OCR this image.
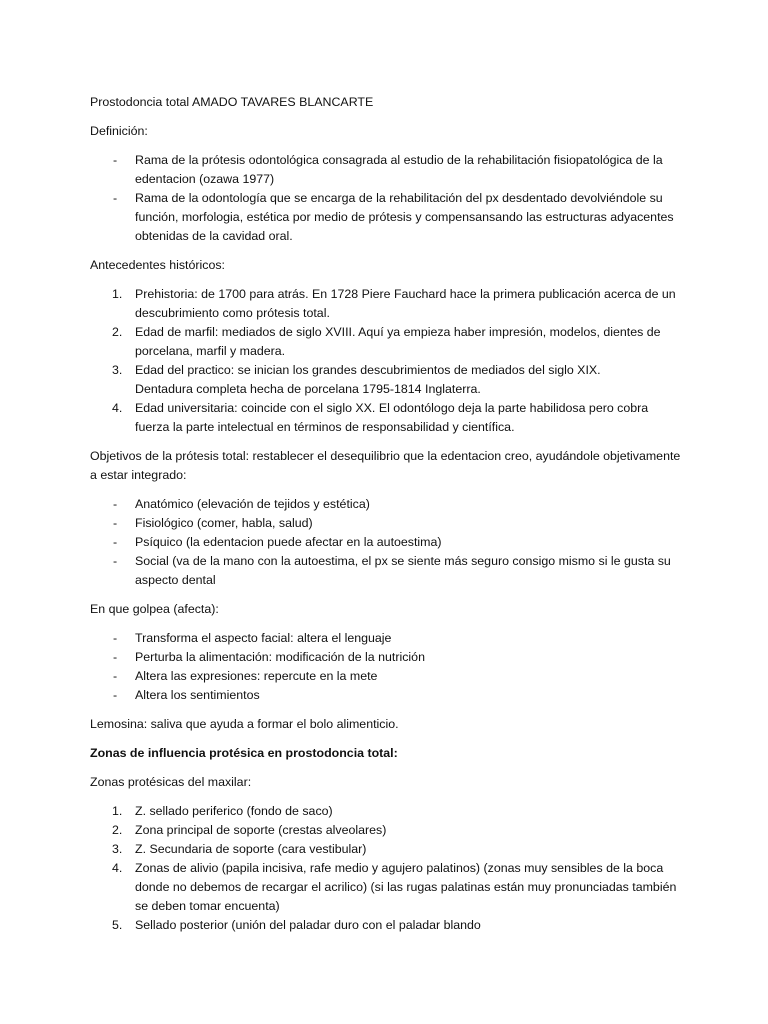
Prostodoncia total AMADO TAVARES BLANCARTE

Definición:

- Rama de la prótesis odontológica consagrada al estudio de la rehabilitación fisiopatológica de la edentacion (ozawa 1977)
- Rama de la odontología que se encarga de la rehabilitación del px desdentado devolviéndole su función, morfologia, estética por medio de prótesis y compensansando las estructuras adyacentes obtenidas de la cavidad oral.

Antecedentes históricos:

1. Prehistoria: de 1700 para atrás. En 1728 Piere Fauchard hace la primera publicación acerca de un descubrimiento como prótesis total.
2. Edad de marfil: mediados de siglo XVIII. Aquí ya empieza haber impresión, modelos, dientes de porcelana, marfil y madera.
3. Edad del practico: se inician los grandes descubrimientos de mediados del siglo XIX.
Dentadura completa hecha de porcelana 1795-1814 Inglaterra.
4. Edad universitaria: coincide con el siglo XX. El odontólogo deja la parte habilidosa pero cobra fuerza la parte intelectual en términos de responsabilidad y científica.

Objetivos de la prótesis total: restablecer el desequilibrio que la edentacion creo, ayudándole objetivamente a estar integrado:

- Anatómico (elevación de tejidos y estética)
- Fisiológico (comer, habla, salud)
- Psíquico (la edentacion puede afectar en la autoestima)
- Social (va de la mano con la autoestima, el px se siente más seguro consigo mismo si le gusta su aspecto dental

En que golpea (afecta):

- Transforma el aspecto facial: altera el lenguaje
- Perturba la alimentación: modificación de la nutrición
- Altera las expresiones: repercute en la mete
- Altera los sentimientos

Lemosina: saliva que ayuda a formar el bolo alimenticio.

Zonas de influencia protésica en prostodoncia total:

Zonas protésicas del maxilar:

1. Z. sellado periferico (fondo de saco)
2. Zona principal de soporte (crestas alveolares)
3. Z. Secundaria de soporte (cara vestibular)
4. Zonas de alivio (papila incisiva, rafe medio y agujero palatinos) (zonas muy sensibles de la boca donde no debemos de recargar el acrilico) (si las rugas palatinas están muy pronunciadas también se deben tomar encuenta)
5. Sellado posterior (unión del paladar duro con el paladar blando
